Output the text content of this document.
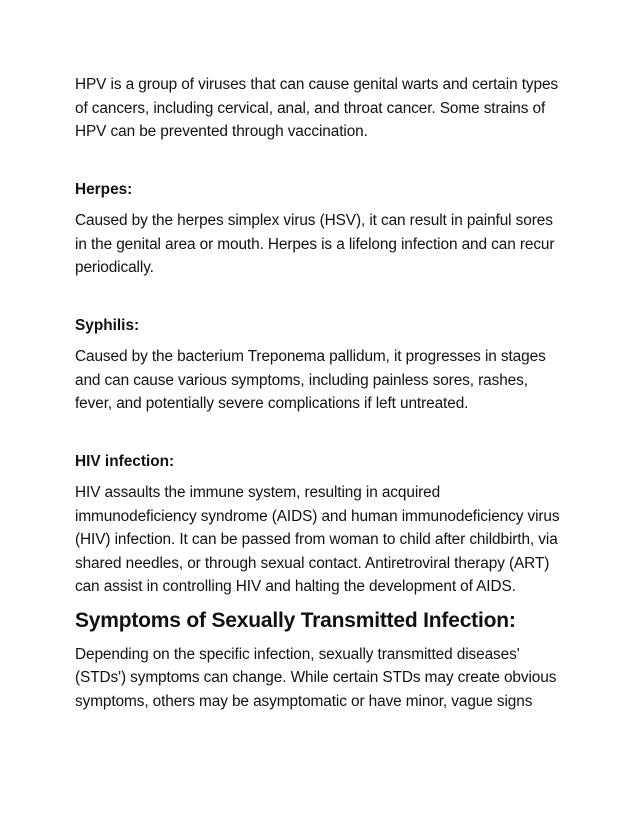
HPV is a group of viruses that can cause genital warts and certain types of cancers, including cervical, anal, and throat cancer. Some strains of HPV can be prevented through vaccination.

Herpes:

Caused by the herpes simplex virus (HSV), it can result in painful sores in the genital area or mouth. Herpes is a lifelong infection and can recur periodically.

Syphilis:

Caused by the bacterium Treponema pallidum, it progresses in stages and can cause various symptoms, including painless sores, rashes, fever, and potentially severe complications if left untreated.

HIV infection:

HIV assaults the immune system, resulting in acquired immunodeficiency syndrome (AIDS) and human immunodeficiency virus (HIV) infection. It can be passed from woman to child after childbirth, via shared needles, or through sexual contact. Antiretroviral therapy (ART) can assist in controlling HIV and halting the development of AIDS.

Symptoms of Sexually Transmitted Infection:

Depending on the specific infection, sexually transmitted diseases' (STDs') symptoms can change. While certain STDs may create obvious symptoms, others may be asymptomatic or have minor, vague signs
